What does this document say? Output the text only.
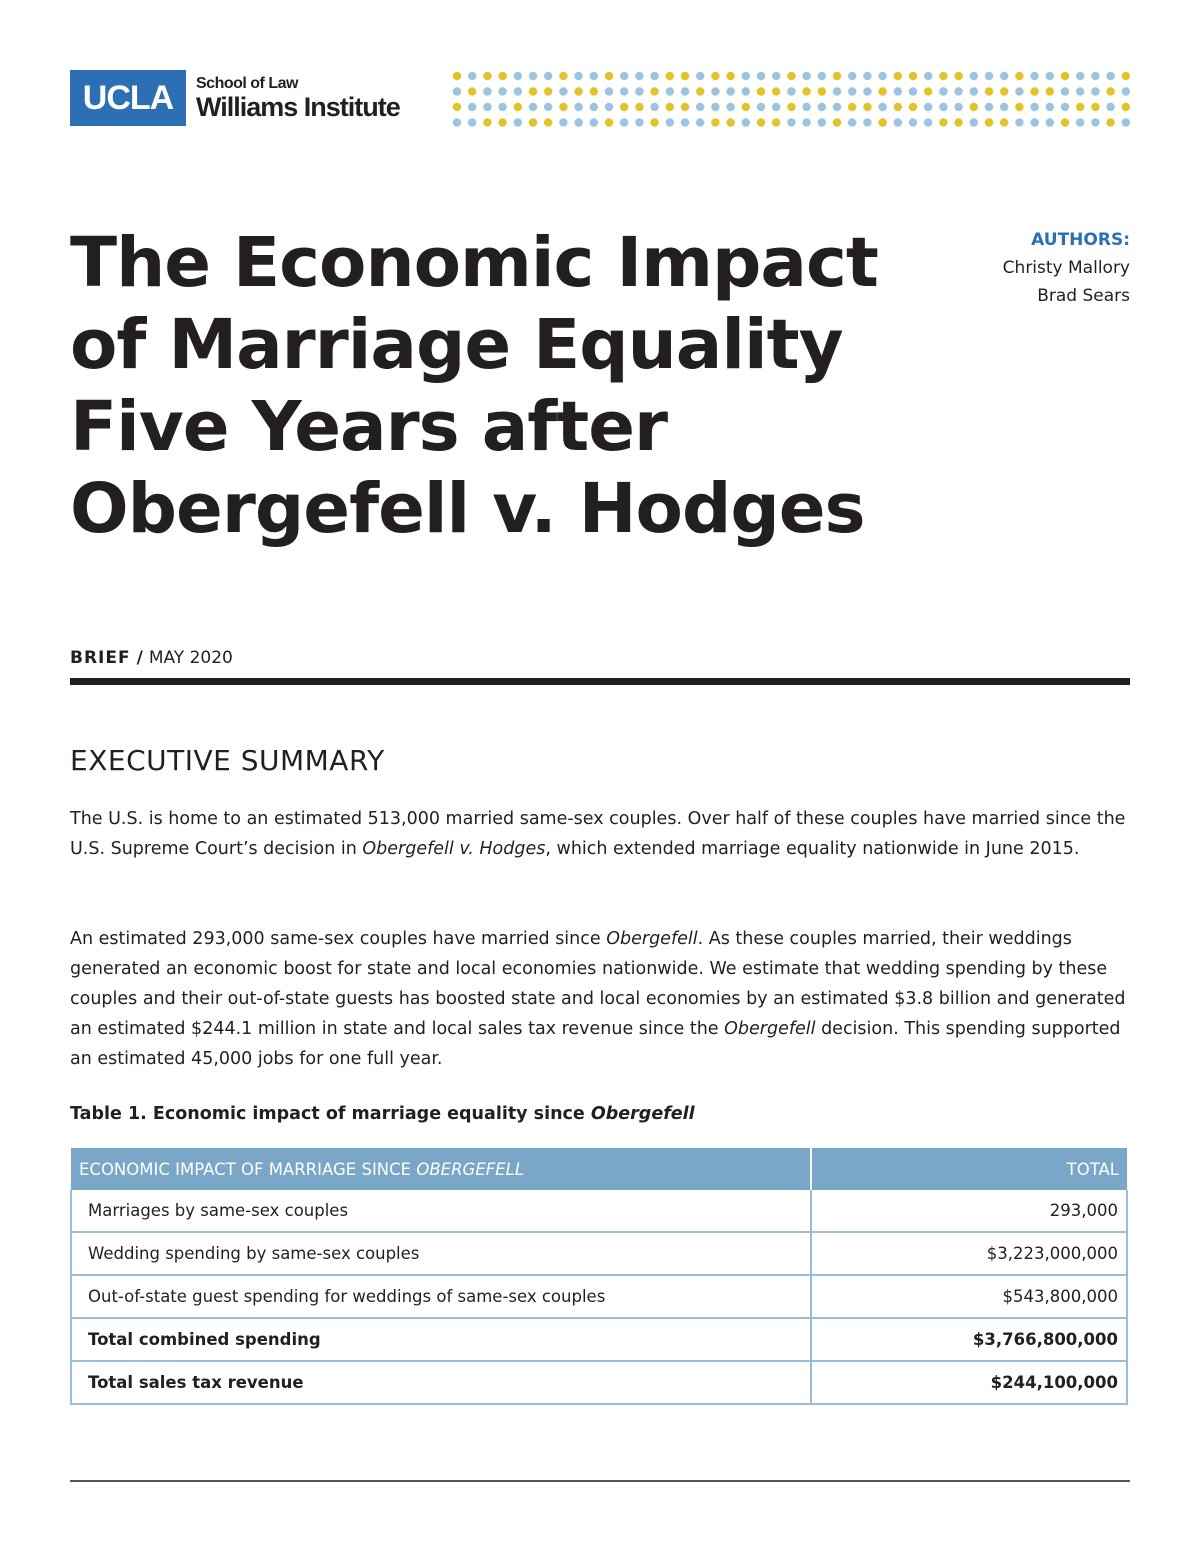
UCLA School of Law
Williams Institute
The Economic Impact of Marriage Equality Five Years after Obergefell v. Hodges
AUTHORS:
Christy Mallory
Brad Sears
BRIEF / MAY 2020
EXECUTIVE SUMMARY

The U.S. is home to an estimated 513,000 married same-sex couples. Over half of these couples have married since the U.S. Supreme Court’s decision in Obergefell v. Hodges, which extended marriage equality nationwide in June 2015.

An estimated 293,000 same-sex couples have married since Obergefell. As these couples married, their weddings generated an economic boost for state and local economies nationwide. We estimate that wedding spending by these couples and their out-of-state guests has boosted state and local economies by an estimated $3.8 billion and generated an estimated $244.1 million in state and local sales tax revenue since the Obergefell decision. This spending supported an estimated 45,000 jobs for one full year.

Table 1. Economic impact of marriage equality since Obergefell

ECONOMIC IMPACT OF MARRIAGE SINCE OBERGEFELL	TOTAL
Marriages by same-sex couples	293,000
Wedding spending by same-sex couples	$3,223,000,000
Out-of-state guest spending for weddings of same-sex couples	$543,800,000
Total combined spending	$3,766,800,000
Total sales tax revenue	$244,100,000
